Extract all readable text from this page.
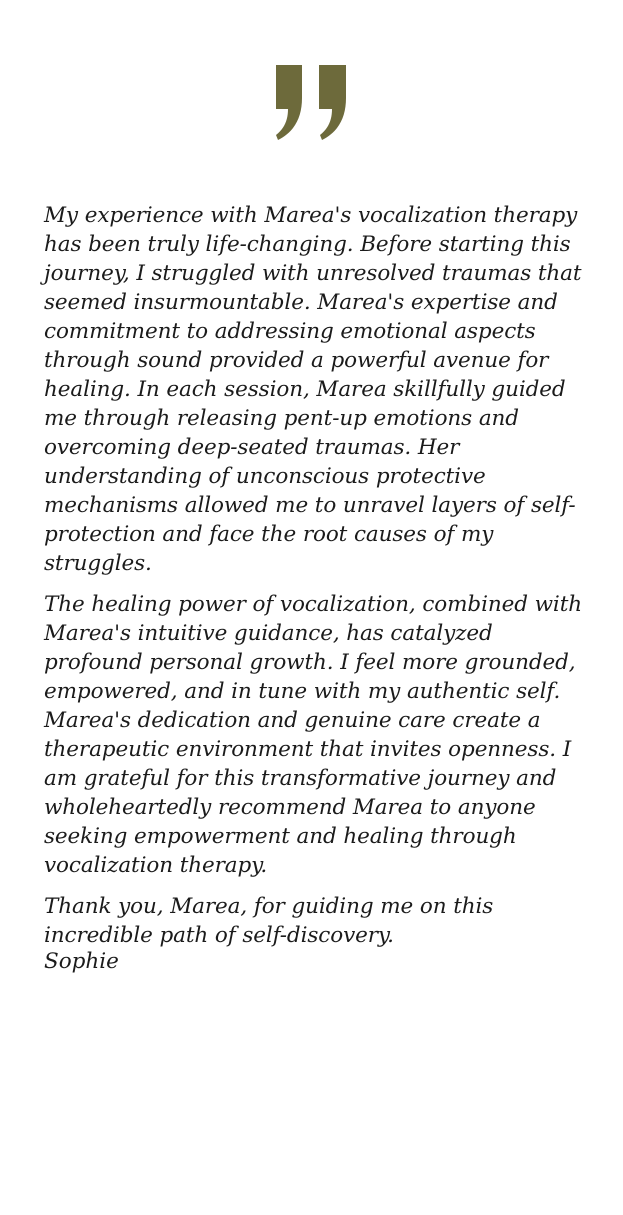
My experience with Marea's vocalization therapy has been truly life-changing. Before starting this journey, I struggled with unresolved traumas that seemed insurmountable. Marea's expertise and commitment to addressing emotional aspects through sound provided a powerful avenue for healing. In each session, Marea skillfully guided me through releasing pent-up emotions and overcoming deep-seated traumas. Her understanding of unconscious protective mechanisms allowed me to unravel layers of self-protection and face the root causes of my struggles.

The healing power of vocalization, combined with Marea's intuitive guidance, has catalyzed profound personal growth. I feel more grounded, empowered, and in tune with my authentic self. Marea's dedication and genuine care create a therapeutic environment that invites openness. I am grateful for this transformative journey and wholeheartedly recommend Marea to anyone seeking empowerment and healing through vocalization therapy.

Thank you, Marea, for guiding me on this incredible path of self-discovery.

Sophie
